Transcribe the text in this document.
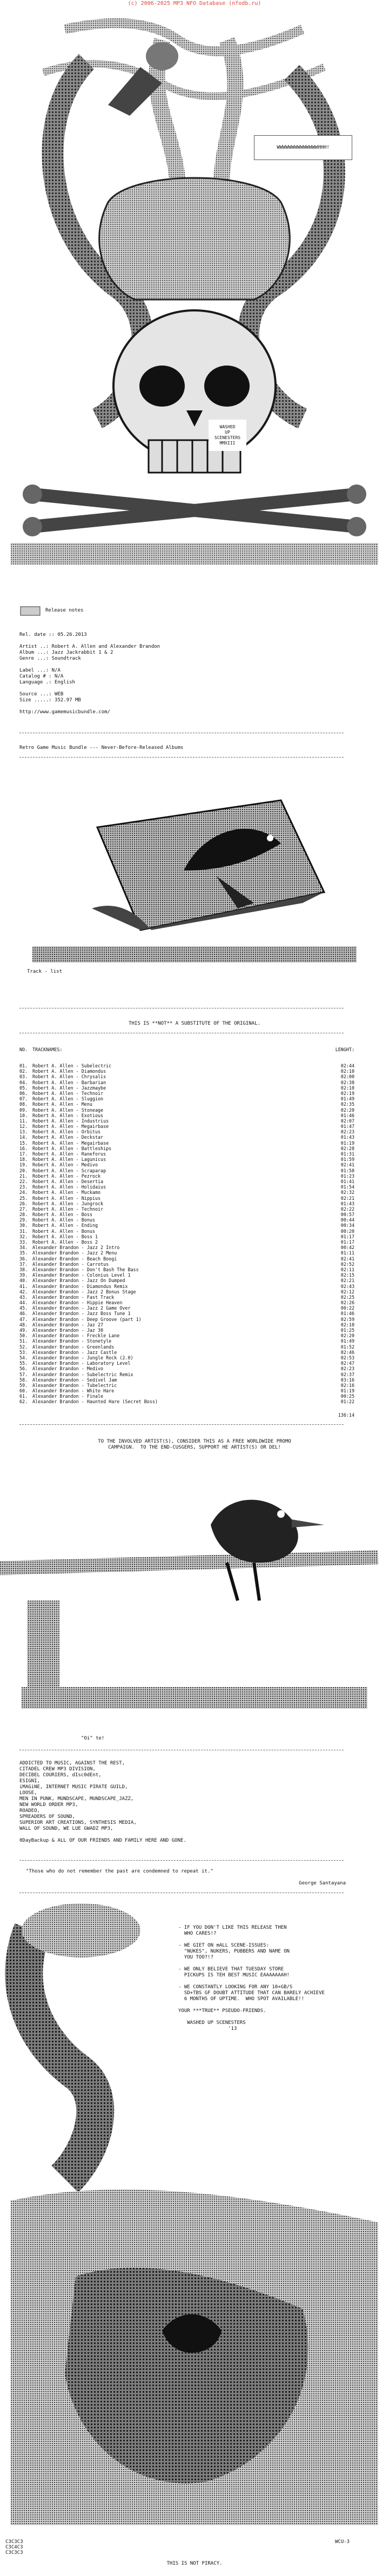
(c) 2006-2025 MP3 NFO Database (nfodb.ru)
WWWWWWWWWWWWWWHHH!
WASHED
UP
SCENESTERS
MMXIII
Release notes

Rel. date :: 05.26.2013

Artist ..: Robert A. Allen and Alexander Brandon
Album ...: Jazz Jackrabbit 1 & 2
Genre ...: Soundtrack

Label ...: N/A
Catalog # : N/A
Language .: English

Source ...: WEB
Size .....: 352.97 MB

http://www.gamemusicbundle.com/
Retro Game Music Bundle --- Never-Before-Released Albums
Track - list
THIS IS **NOT** A SUBSTITUTE OF THE ORIGINAL.
NO.	TRACKNAMES:	LENGHT:
01.	Robert A. Allen - Subelectric	02:44
02.	Robert A. Allen - Diamondus	02:10
03.	Robert A. Allen - Chrysalis	02:00
04.	Robert A. Allen - Barbarian	02:38
05.	Robert A. Allen - Jazzmaybe	02:10
06.	Robert A. Allen - Technoir	02:19
07.	Robert A. Allen - Sluggion	01:49
08.	Robert A. Allen - Menu	02:35
09.	Robert A. Allen - Stoneage	02:20
10.	Robert A. Allen - Exotious	01:46
11.	Robert A. Allen - Industrius	02:07
12.	Robert A. Allen - Megairbase	01:47
13.	Robert A. Allen - Orbitus	02:23
14.	Robert A. Allen - Deckstar	01:43
15.	Robert A. Allen - Megairbase	01:19
16.	Robert A. Allen - Battleships	02:28
17.	Robert A. Allen - Raneforus	01:31
18.	Robert A. Allen - Lagunicus	01:59
19.	Robert A. Allen - Medivo	02:41
20.	Robert A. Allen - Scraparap	01:58
21.	Robert A. Allen - Pezrock	01:23
22.	Robert A. Allen - Desertia	01:41
23.	Robert A. Allen - Holidaius	01:54
24.	Robert A. Allen - Muckamo	02:32
25.	Robert A. Allen - Nippius	02:21
26.	Robert A. Allen - Jungrock	01:43
27.	Robert A. Allen - Technoir	02:22
28.	Robert A. Allen - Boss	00:57
29.	Robert A. Allen - Bonus	00:44
30.	Robert A. Allen - Ending	00:34
31.	Robert A. Allen - Bonus	00:20
32.	Robert A. Allen - Boss 1	01:17
33.	Robert A. Allen - Boss 2	01:17
34.	Alexander Brandon - Jazz 2 Intro	00:42
35.	Alexander Brandon - Jazz 2 Menu	01:11
36.	Alexander Brandon - Beach Boogi	02:41
37.	Alexander Brandon - Carrotus	02:52
38.	Alexander Brandon - Don't Bash The Bass	02:11
39.	Alexander Brandon - Colonius Level 1	02:15
40.	Alexander Brandon - Jazz On Dumped	02:21
41.	Alexander Brandon - Diamondus Remix	02:43
42.	Alexander Brandon - Jazz 2 Bonus Stage	02:12
43.	Alexander Brandon - Fast Track	02:25
44.	Alexander Brandon - Hippie Heaven	02:26
45.	Alexander Brandon - Jazz 2 Game Over	00:22
46.	Alexander Brandon - Jazz Boss Tune 1	01:46
47.	Alexander Brandon - Deep Groove (part 1)	02:59
48.	Alexander Brandon - Jaz 27	02:10
49.	Alexander Brandon - Jaz 30	01:25
50.	Alexander Brandon - Freckle Lane	02:20
51.	Alexander Brandon - Stonetyle	01:49
52.	Alexander Brandon - Greenlands	01:52
53.	Alexander Brandon - Jazz Castle	02:46
54.	Alexander Brandon - Jungle Rock (2.0)	02:53
55.	Alexander Brandon - Laboratory Level	02:47
56.	Alexander Brandon - Medivo	02:23
57.	Alexander Brandon - Subelectric Remix	02:37
58.	Alexander Brandon - Sedivel Jam	03:16
59.	Alexander Brandon - Tubelectric	02:16
60.	Alexander Brandon - White Hare	01:19
61.	Alexander Brandon - Finale	00:25
62.	Alexander Brandon - Haunted Hare (Secret Boss)	01:22
136:14

TO THE INVOLVED ARTIST(S), CONSIDER THIS AS A FREE WORLDWIDE PROMO
CAMPAIGN.  TO THE END-CUSGERS, SUPPORT HE ARTIST(S) OR DEL!
"Oi" te!
ADDICTED TO MUSIC, AGAINST THE REST,
CITADEL CREW MP3 DIVISION,
DECIBEL COURIERS, dIsc0dEnt,
ESIGNI,
iMAGiNE, INTERNET MUSIC PIRATE GUILD,
LOOSE,
MEN IN PUNK, MUNDSCAPE, MUNDSCAPE_JAZZ,
NEW WORLD ORDER MP3,
ROADEO,
SPREADERS OF SOUND,
SUPERIOR ART CREATIONS, SYNTHESIS MEDIA,
WALL OF SOUND, WE LUE GWADZ MP3,
0DayBackup & ALL OF OUR FRIENDS AND FAMILY HERE AND GONE.
"Those who do not remember the past are condemned to repeat it."
George Santayana
- IF YOU DON'T LIKE THIS RELEASE THEN
WHO CARES!?
- WE GIET ON mALL SCENE-ISSUES:
"NUKES", NUKERS, PUBBERS AND NAME ON
YOU TOO?!?
- WE ONLY BELIEVE THAT TUESDAY STORE
PICKUPS IS TEH BEST MUSIC EAAAAAAAH!
- WE CONSTANTLY LOOKING FOR ANY 10+GB/S
SD+TBS GF DOUBT ATTITUDE THAT CAN BARELY ACHIEVE
6 MONTHS OF UPTIME.  WHO SPOT AVAILABLE!!
YOUR ***TRUE** PSEUDO-FRIENDS.
WASHED UP SCENESTERS
'13
C3C3C3
C3C4C3
C3C3C3
WCU-3
THIS IS NOT PIRACY.
